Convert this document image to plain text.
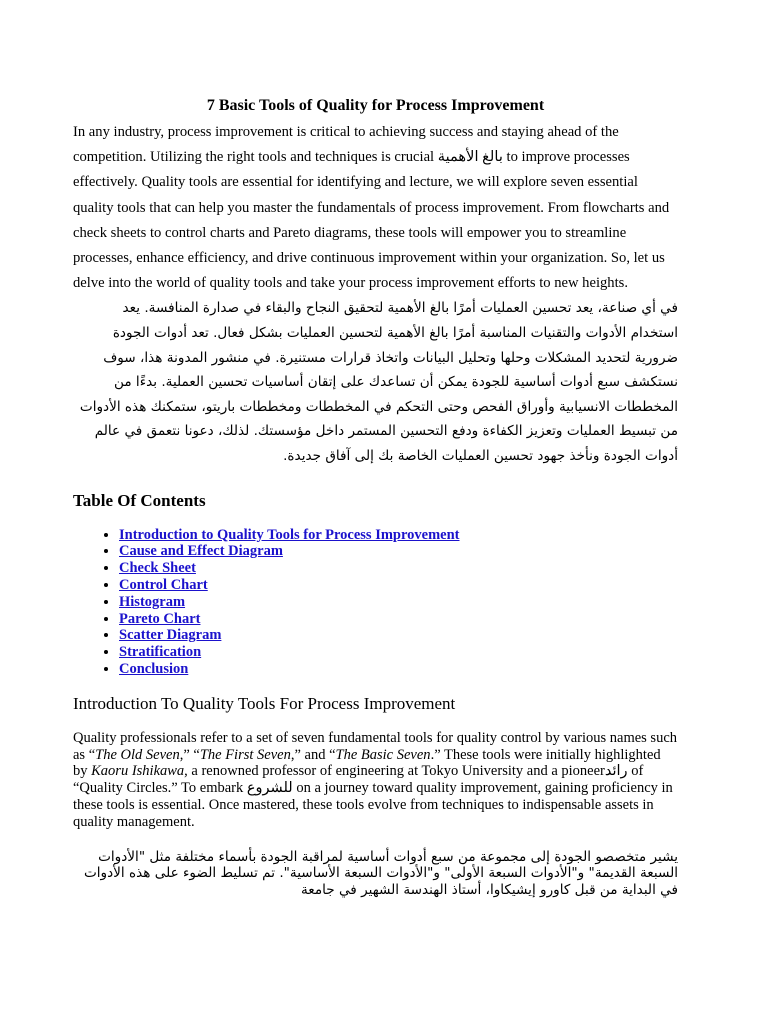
7 Basic Tools of Quality for Process Improvement

In any industry, process improvement is critical to achieving success and staying ahead of the competition. Utilizing the right tools and techniques is crucial بالغ الأهمية to improve processes effectively. Quality tools are essential for identifying and lecture, we will explore seven essential quality tools that can help you master the fundamentals of process improvement. From flowcharts and check sheets to control charts and Pareto diagrams, these tools will empower you to streamline processes, enhance efficiency, and drive continuous improvement within your organization. So, let us delve into the world of quality tools and take your process improvement efforts to new heights.

في أي صناعة، يعد تحسين العمليات أمرًا بالغ الأهمية لتحقيق النجاح والبقاء في صدارة المنافسة. يعد استخدام الأدوات والتقنيات المناسبة أمرًا بالغ الأهمية لتحسين العمليات بشكل فعال. تعد أدوات الجودة ضرورية لتحديد المشكلات وحلها وتحليل البيانات واتخاذ قرارات مستنيرة. في منشور المدونة هذا، سوف نستكشف سبع أدوات أساسية للجودة يمكن أن تساعدك على إتقان أساسيات تحسين العملية. بدءًا من المخططات الانسيابية وأوراق الفحص وحتى التحكم في المخططات ومخططات باريتو، ستمكنك هذه الأدوات من تبسيط العمليات وتعزيز الكفاءة ودفع التحسين المستمر داخل مؤسستك. لذلك، دعونا نتعمق في عالم أدوات الجودة ونأخذ جهود تحسين العمليات الخاصة بك إلى آفاق جديدة.

Table Of Contents
• Introduction to Quality Tools for Process Improvement
• Cause and Effect Diagram
• Check Sheet
• Control Chart
• Histogram
• Pareto Chart
• Scatter Diagram
• Stratification
• Conclusion
Introduction To Quality Tools For Process Improvement

Quality professionals refer to a set of seven fundamental tools for quality control by various names such as “The Old Seven,” “The First Seven,” and “The Basic Seven.” These tools were initially highlighted by Kaoru Ishikawa, a renowned professor of engineering at Tokyo University and a pioneerرائد of “Quality Circles.” To embark للشروع on a journey toward quality improvement, gaining proficiency in these tools is essential. Once mastered, these tools evolve from techniques to indispensable assets in quality management.

يشير متخصصو الجودة إلى مجموعة من سبع أدوات أساسية لمراقبة الجودة بأسماء مختلفة مثل "الأدوات السبعة القديمة" و"الأدوات السبعة الأولى" و"الأدوات السبعة الأساسية". تم تسليط الضوء على هذه الأدوات في البداية من قبل كاورو إيشيكاوا، أستاذ الهندسة الشهير في جامعة
